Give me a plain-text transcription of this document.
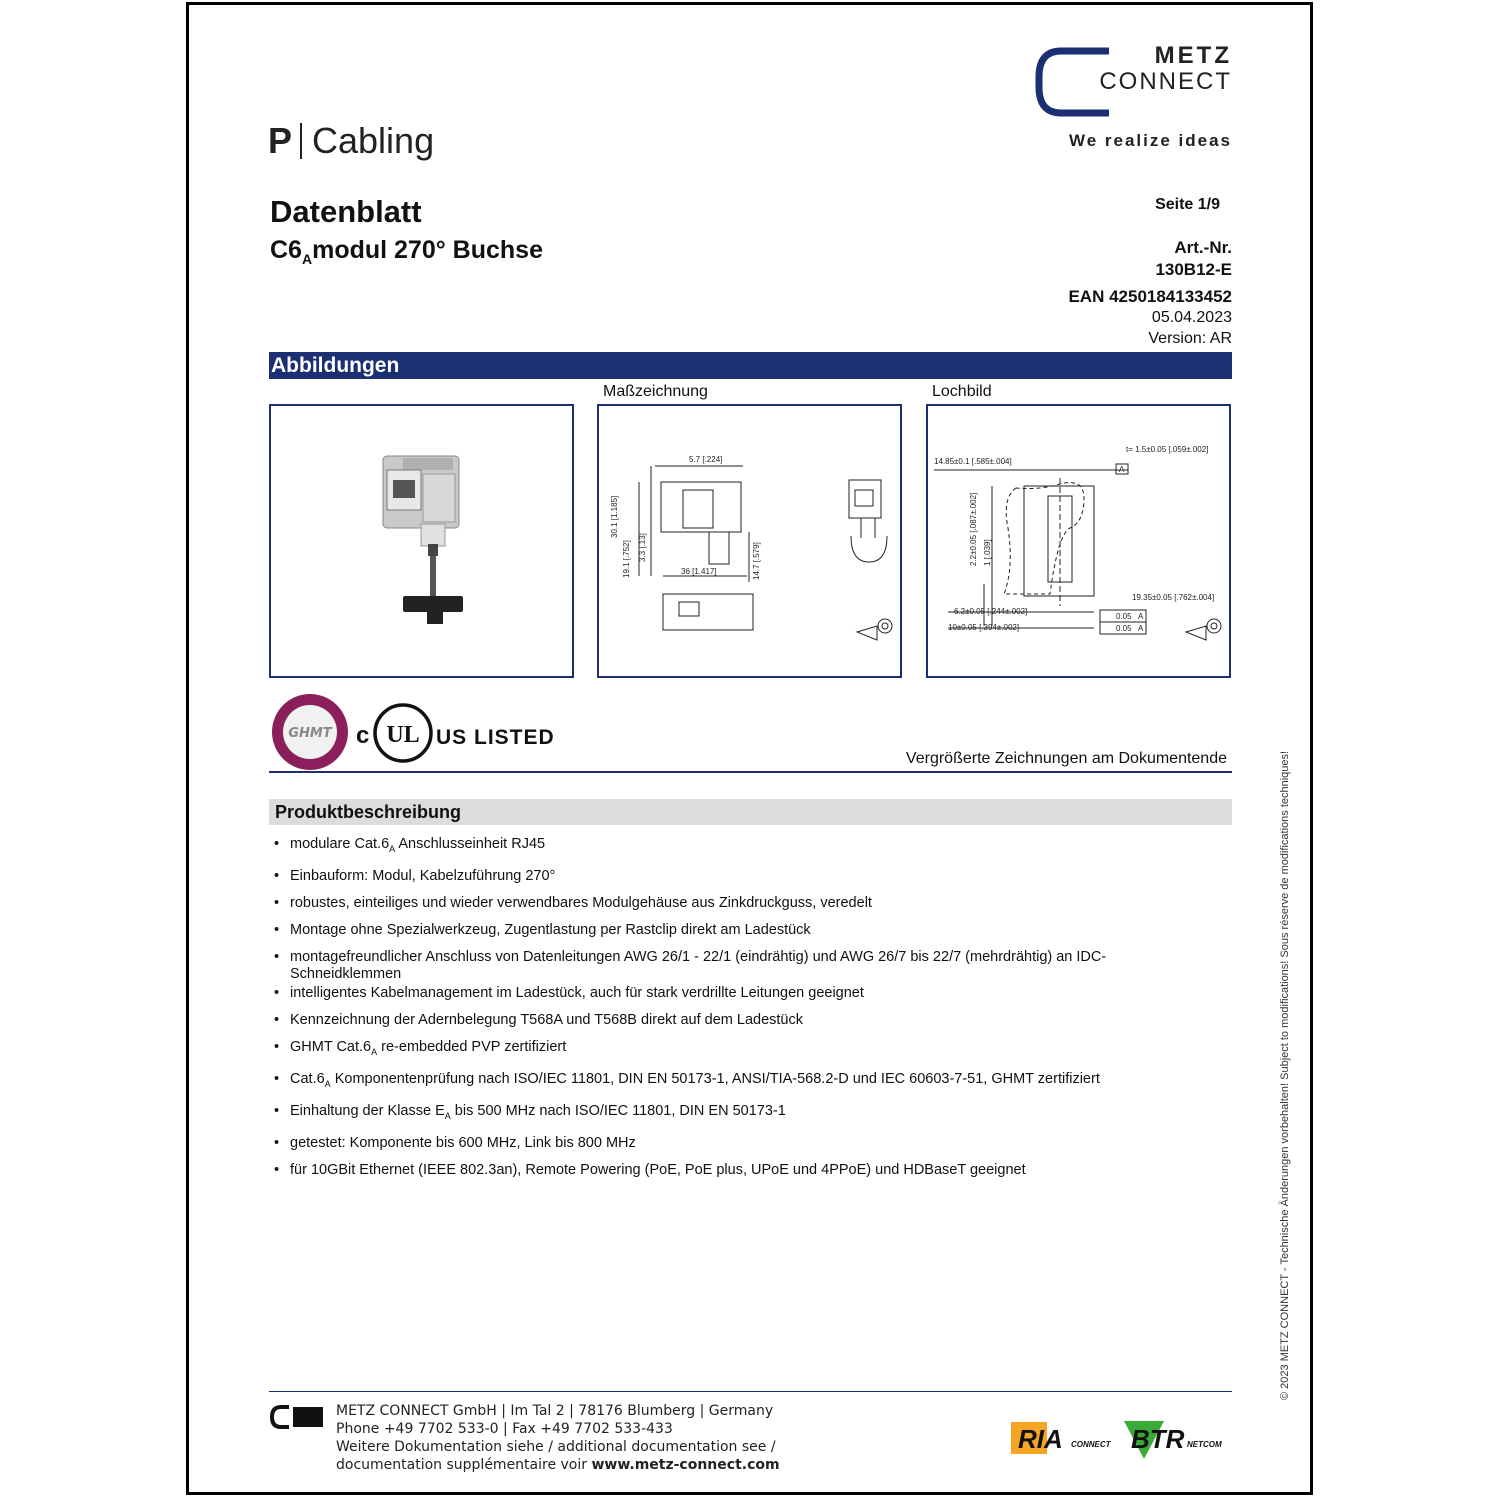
METZ
CONNECT
We realize ideas
P Cabling
Datenblatt
$C6_Amodul$ 270° Buchse
Seite 1/9
Art.-Nr.
130B12-E
EAN 4250184133452
05.04.2023
Version: AR
Abbildungen
Maßzeichnung	Lochbild
5.7 [.224]
30.1 [1.185]
19.1 [.752] 3.3 [.13]
36 [1.417]	14.7 [.579]
t= 1.5±0.05 [.059±.002]
14.85±0.1 [.585±.004]
2.2±0.05 [.087±.002] 1 [.039]
19.35±0.05 [.762±.004]
6.2±0.05 [.244±.002]
10±0.05 [.394±.002]
0.05 A
0.05 A
A
GHMT c UL US LISTED
Vergrößerte Zeichnungen am Dokumentende
Produktbeschreibung
• modulare $Cat.6_A$ Anschlusseinheit RJ45
• Einbauform: Modul, Kabelzuführung 270°
• robustes, einteiliges und wieder verwendbares Modulgehäuse aus Zinkdruckguss, veredelt
• Montage ohne Spezialwerkzeug, Zugentlastung per Rastclip direkt am Ladestück
• montagefreundlicher Anschluss von Datenleitungen AWG 26/1 - 22/1 (eindrähtig) und AWG 26/7 bis 22/7 (mehrdrähtig) an IDC-Schneidklemmen
• intelligentes Kabelmanagement im Ladestück, auch für stark verdrillte Leitungen geeignet
• Kennzeichnung der Adernbelegung T568A und T568B direkt auf dem Ladestück
• GHMT $Cat.6_A$ re-embedded PVP zertifiziert
• $Cat.6_A$ Komponentenprüfung nach ISO/IEC 11801, DIN EN 50173-1, ANSI/TIA-568.2-D und IEC 60603-7-51, GHMT zertifiziert
• Einhaltung der Klasse $E_A$ bis 500 MHz nach ISO/IEC 11801, DIN EN 50173-1
• getestet: Komponente bis 600 MHz, Link bis 800 MHz
• für 10GBit Ethernet (IEEE 802.3an), Remote Powering (PoE, PoE plus, UPoE und 4PPoE) und HDBaseT geeignet	© 2023 METZ CONNECT - Technische Änderungen vorbehalten! Subject to modifications! Sous réserve de modifications techniques!
METZ CONNECT GmbH | Im Tal 2 | 78176 Blumberg | Germany
Phone +49 7702 533-0 | Fax +49 7702 533-433
Weitere Dokumentation siehe / additional documentation see /
documentation supplémentaire voir www.metz-connect.com
RIA CONNECT BTR NETCOM
